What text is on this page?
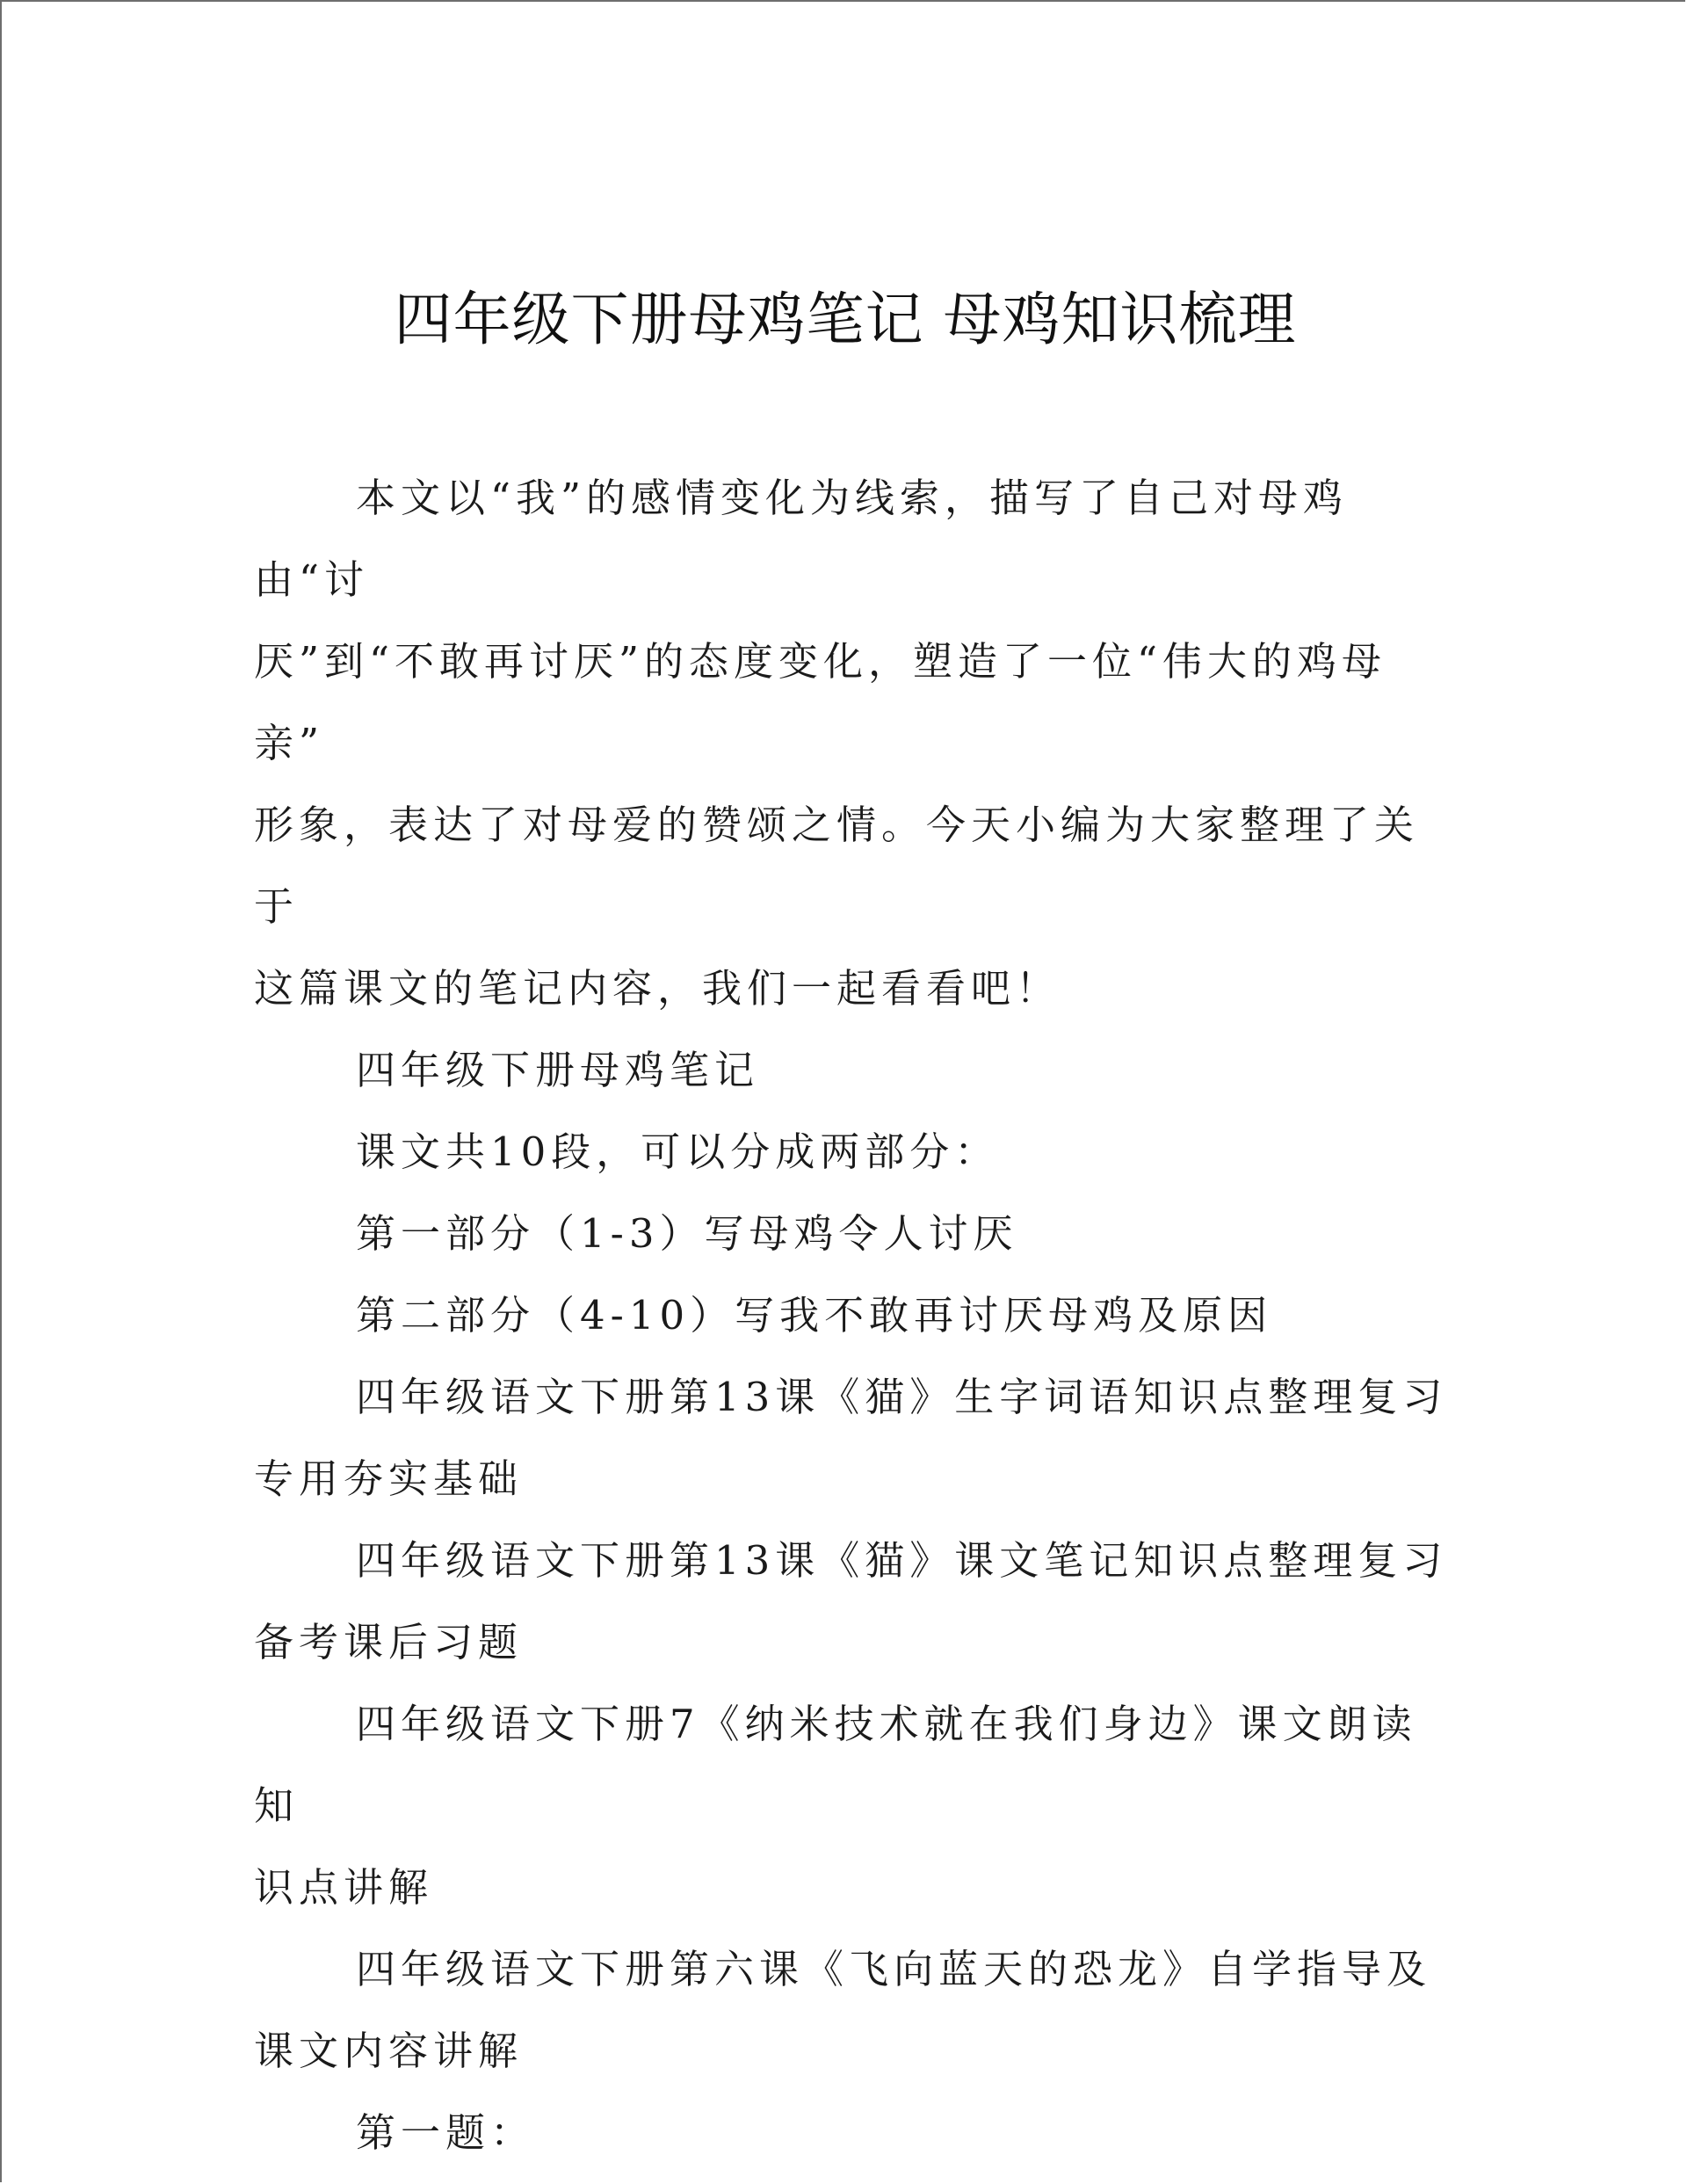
四年级下册母鸡笔记 母鸡知识梳理

本文以“我”的感情变化为线索，描写了自己对母鸡由“讨
厌”到“不敢再讨厌”的态度变化，塑造了一位“伟大的鸡母亲”
形象，表达了对母爱的赞颂之情。今天小编为大家整理了关于
这篇课文的笔记内容，我们一起看看吧！

四年级下册母鸡笔记

课文共10段，可以分成两部分：

第一部分（1-3）写母鸡令人讨厌

第二部分（4-10）写我不敢再讨厌母鸡及原因

四年级语文下册第13课《猫》生字词语知识点整理复习
专用夯实基础

四年级语文下册第13课《猫》课文笔记知识点整理复习
备考课后习题

四年级语文下册7《纳米技术就在我们身边》课文朗读知
识点讲解

四年级语文下册第六课《飞向蓝天的恐龙》自学指导及
课文内容讲解

第一题：
